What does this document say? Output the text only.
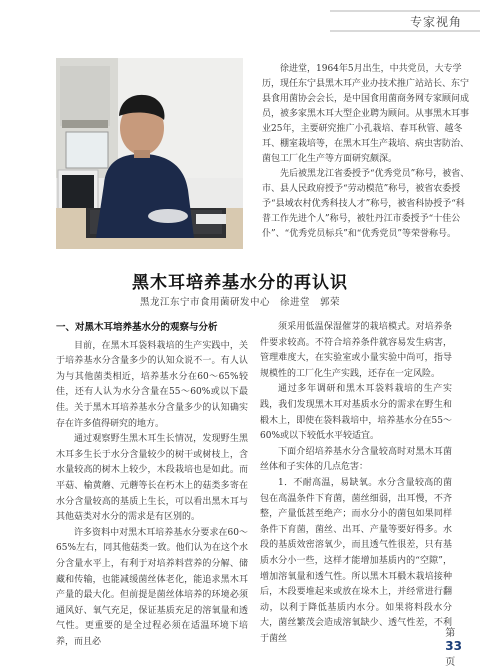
专家视角

徐进堂，1964年5月出生，中共党员，大专学历，现任东宁县黑木耳产业办技术推广站站长、东宁县食用菌协会会长，是中国食用菌商务网专家顾问成员，被多家黑木耳大型企业聘为顾问。从事黑木耳事业25年，主要研究推广小孔栽培、春耳秋管、越冬耳、棚室栽培等，在黑木耳生产栽培、病虫害防治、菌包工厂化生产等方面研究颇深。

先后被黑龙江省委授予“优秀党员”称号，被省、市、县人民政府授予“劳动模范”称号，被省农委授予“县域农村优秀科技人才”称号，被省科协授予“科普工作先进个人”称号，被牡丹江市委授予“十佳公仆”、“优秀党员标兵”和“优秀党员”等荣誉称号。

黑木耳培养基水分的再认识
黑龙江东宁市食用菌研发中心　徐进堂　郭荣
一、对黑木耳培养基水分的观察与分析

目前，在黑木耳袋料栽培的生产实践中，关于培养基水分含量多少的认知众说不一。有人认为与其他菌类相近，培养基水分在60～65%较佳，还有人认为水分含量在55～60%或以下最佳。关于黑木耳培养基水分含量多少的认知确实存在许多值得研究的地方。

通过观察野生黑木耳生长情况，发现野生黑木耳多生长于水分含量较少的树干或树枝上，含水量较高的树木上较少，木段栽培也是如此。而平菇、榆黄蘑、元蘑等长在朽木上的菇类多寄在水分含量较高的基质上生长，可以看出黑木耳与其他菇类对水分的需求是有区别的。

许多资料中对黑木耳培养基水分要求在60～65%左右，同其他菇类一致。他们认为在这个水分含量水平上，有利于对培养料营养的分解、储藏和传输，也能减缓菌丝体老化，能追求黑木耳产量的最大化。但前提是菌丝体培养的环境必须通风好、氧气充足，保证基质充足的溶氧量和透气性。更重要的是全过程必须在适温环境下培养，而且必

须采用低温保湿催芽的栽培模式。对培养条件要求较高。不符合培养条件就容易发生病害，管理难度大，在实验室或小量实验中尚可，指导规模性的工厂化生产实践，还存在一定风险。

通过多年调研和黑木耳袋料栽培的生产实践，我们发现黑木耳对基质水分的需求在野生和椴木上，即使在袋料栽培中，培养基水分在55～60%或以下较低水平较适宜。

下面介绍培养基水分含量较高时对黑木耳菌丝体和子实体的几点危害：

1．不耐高温，易缺氧。水分含量较高的菌包在高温条件下育菌，菌丝细弱，出耳慢，不齐整，产量低甚至绝产；而水分小的菌包如果同样条件下育菌，菌丝、出耳、产量等要好得多。水段的基质效密溶氧少，而且透气性很差，只有基质水分小一些，这样才能增加基质内的“空隙”，增加溶氧量和透气性。所以黑木耳椴木栽培接种后，木段要堆起来或放在垛木上，并经常进行翻动，以利于降低基质内水分。如果将料段水分大，菌丝繁茂会造成溶氧缺少、透气性差，不利于菌丝	第33页
